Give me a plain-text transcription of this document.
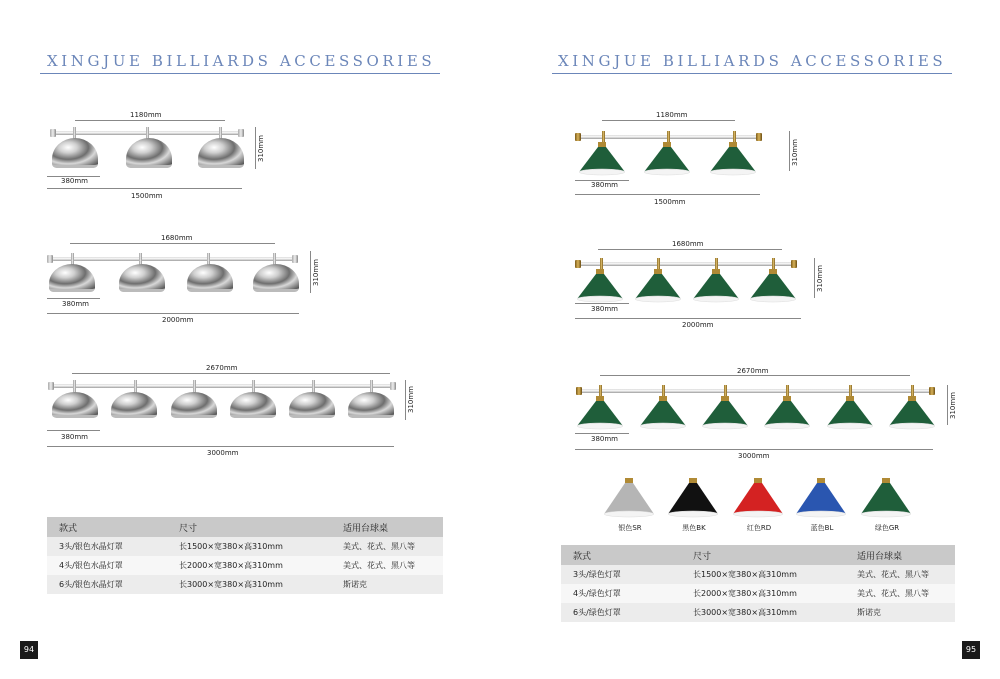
XINGJUE BILLIARDS ACCESSORIES
1180mm
310mm
380mm
1500mm
1680mm
310mm
380mm
2000mm
2670mm
310mm
380mm
3000mm
款式	尺寸	适用台球桌
3头/银色水晶灯罩	长1500×宽380×高310mm	美式、花式、黑八等
4头/银色水晶灯罩	长2000×宽380×高310mm	美式、花式、黑八等
6头/银色水晶灯罩	长3000×宽380×高310mm	斯诺克
94
XINGJUE BILLIARDS ACCESSORIES
1180mm
310mm
380mm
1500mm
1680mm
310mm
380mm
2000mm
2670mm
310mm
380mm
3000mm
银色SR	黑色BK	红色RD	蓝色BL	绿色GR
款式	尺寸	适用台球桌
3头/绿色灯罩	长1500×宽380×高310mm	美式、花式、黑八等
4头/绿色灯罩	长2000×宽380×高310mm	美式、花式、黑八等
6头/绿色灯罩	长3000×宽380×高310mm	斯诺克
95
